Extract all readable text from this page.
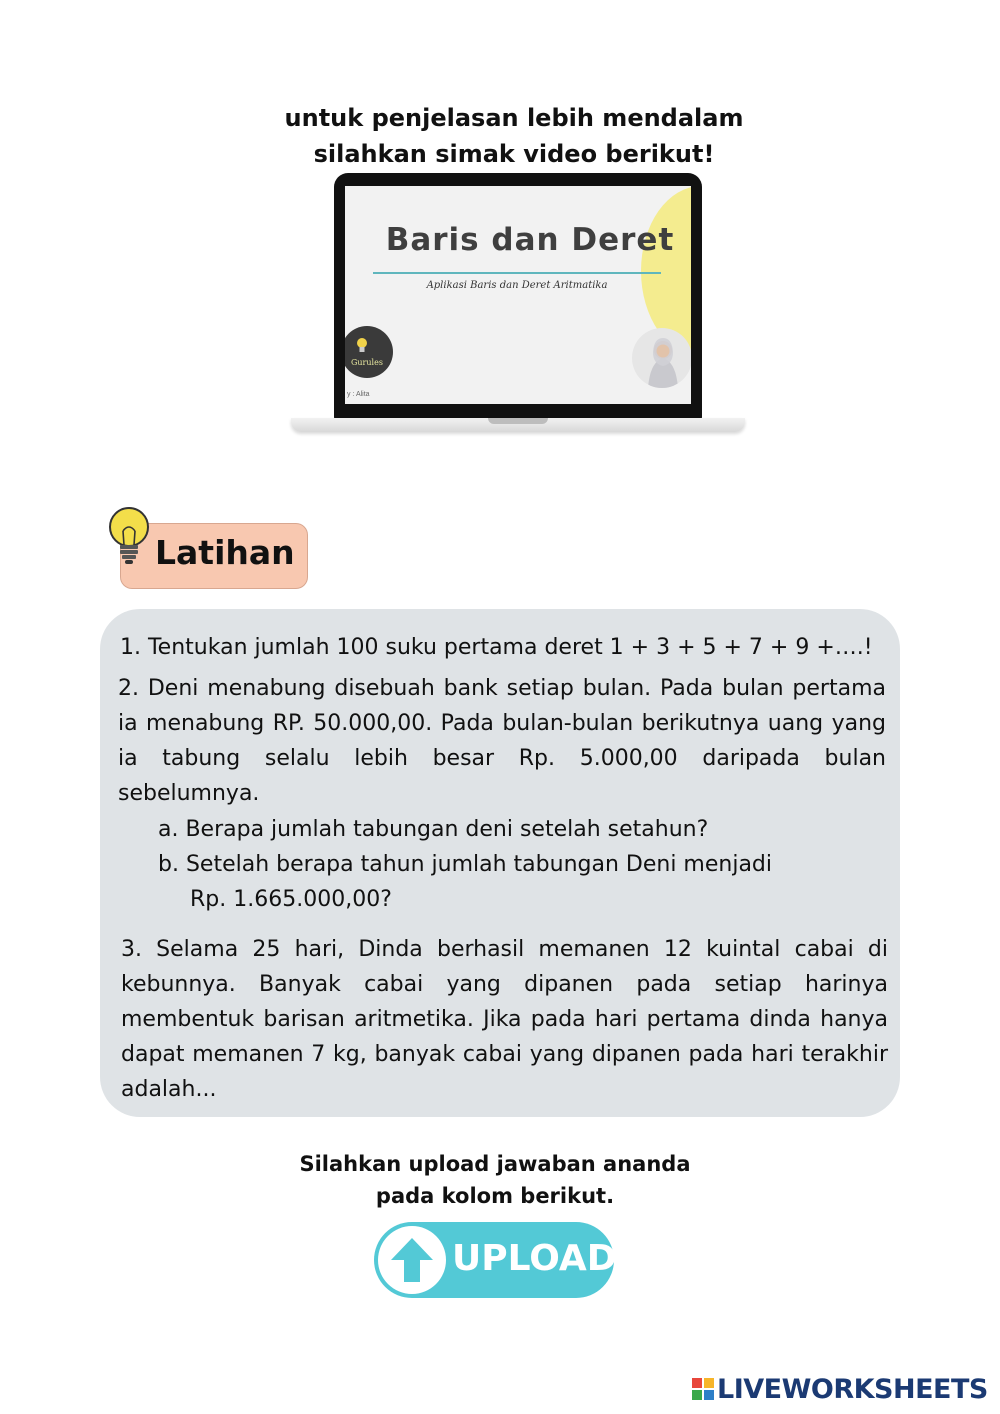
untuk penjelasan lebih mendalam
silahkan simak video berikut!
Baris dan Deret
Aplikasi Baris dan Deret Aritmatika
Gurules
y : Alita
Latihan

1. Tentukan jumlah 100 suku pertama deret 1 + 3 + 5 + 7 + 9 +….!

2. Deni menabung disebuah bank setiap bulan. Pada bulan pertama ia menabung RP. 50.000,00. Pada bulan-bulan berikutnya uang yang ia tabung selalu lebih besar Rp. 5.000,00 daripada bulan sebelumnya.

a. Berapa jumlah tabungan deni setelah setahun?

b. Setelah berapa tahun jumlah tabungan Deni menjadi

Rp. 1.665.000,00?

3. Selama 25 hari, Dinda berhasil memanen 12 kuintal cabai di kebunnya. Banyak cabai yang dipanen pada setiap harinya membentuk barisan aritmetika. Jika pada hari pertama dinda hanya dapat memanen 7 kg, banyak cabai yang dipanen pada hari terakhir adalah...

Silahkan upload jawaban ananda
pada kolom berikut.
UPLOAD
LIVEWORKSHEETS
